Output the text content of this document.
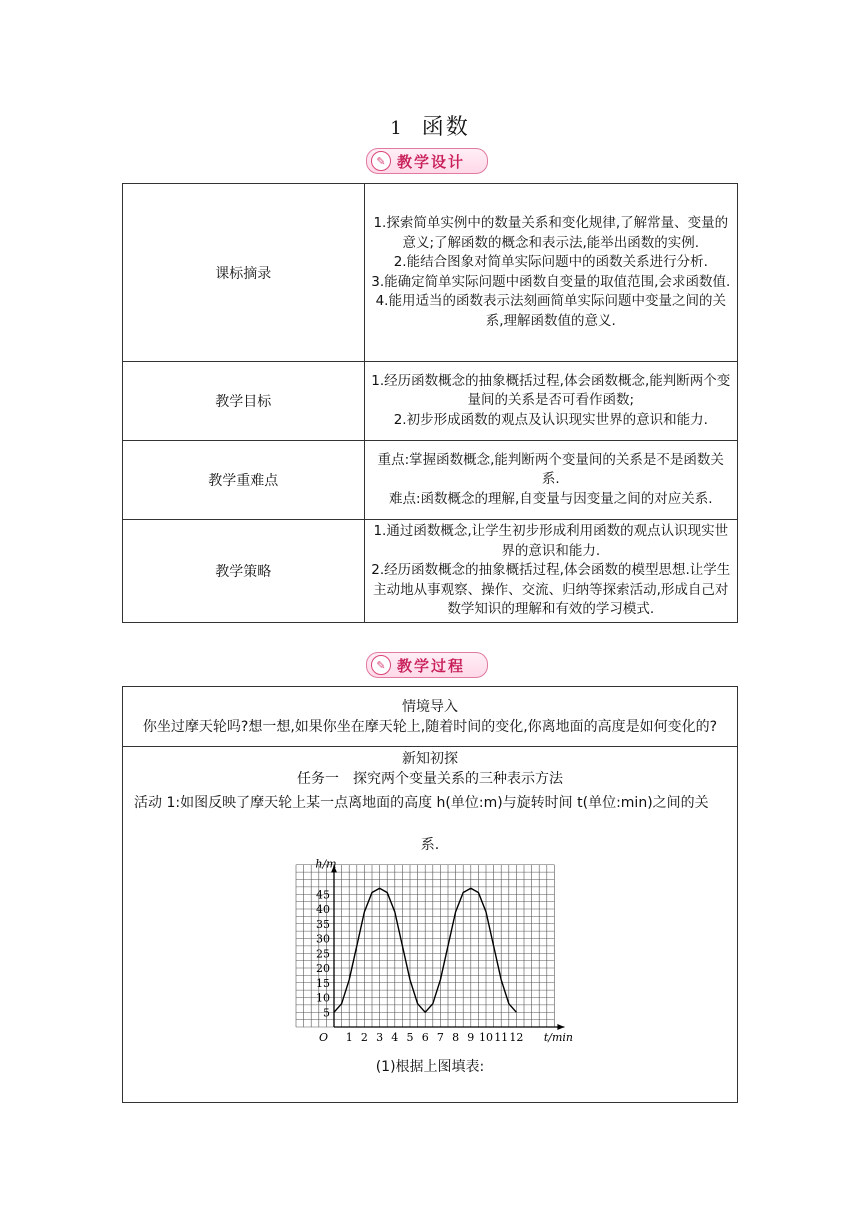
1 函数
✎ 教学设计
课标摘录	1.探索简单实例中的数量关系和变化规律,了解常量、变量的意义;了解函数的概念和表示法,能举出函数的实例.

2.能结合图象对简单实际问题中的函数关系进行分析.

3.能确定简单实际问题中函数自变量的取值范围,会求函数值.

4.能用适当的函数表示法刻画简单实际问题中变量之间的关系,理解函数值的意义.

教学目标	1.经历函数概念的抽象概括过程,体会函数概念,能判断两个变量间的关系是否可看作函数;

2.初步形成函数的观点及认识现实世界的意识和能力.

教学重难点	重点:掌握函数概念,能判断两个变量间的关系是不是函数关系.

难点:函数概念的理解,自变量与因变量之间的对应关系.

教学策略	1.通过函数概念,让学生初步形成利用函数的观点认识现实世界的意识和能力.

2.经历函数概念的抽象概括过程,体会函数的模型思想.让学生主动地从事观察、操作、交流、归纳等探索活动,形成自己对数学知识的理解和有效的学习模式.

✎ 教学过程
情境导入
你坐过摩天轮吗?想一想,如果你坐在摩天轮上,随着时间的变化,你离地面的高度是如何变化的?

新知初探
任务一　探究两个变量关系的三种表示方法
活动 1:如图反映了摩天轮上某一点离地面的高度 h(单位:m)与旋转时间 t(单位:min)之间的关
系.
1 2 3 4 5 6 7 8 9 10 11 12
5
10
15
20
25
30
35
40
45
O
h/m
t/min
(1)根据上图填表:
